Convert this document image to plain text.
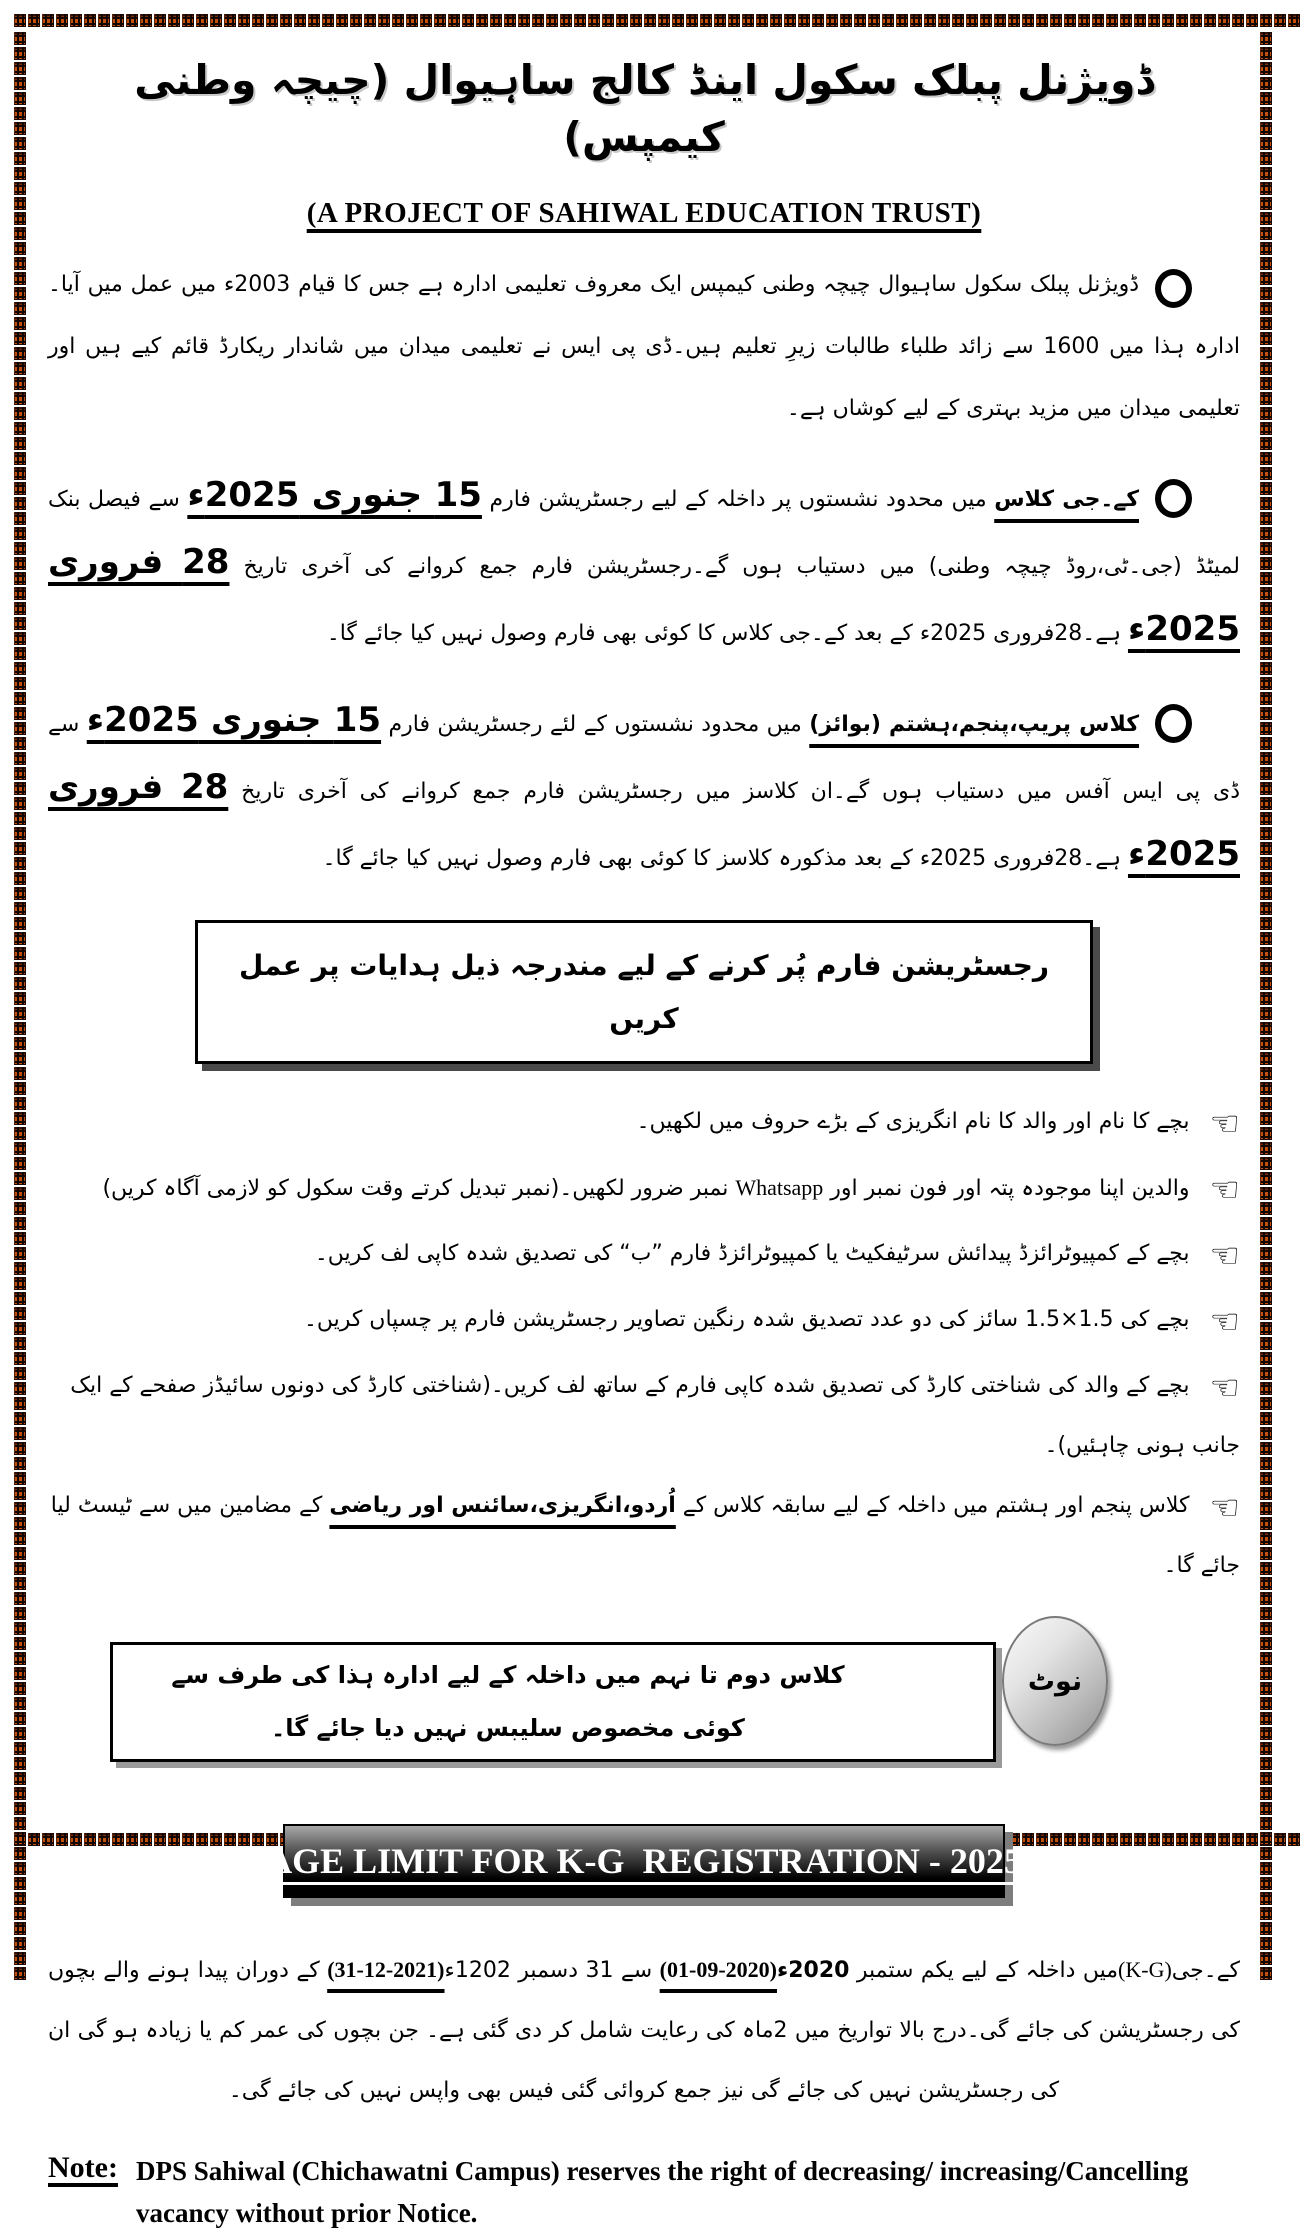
ڈویژنل پبلک سکول اینڈ کالج ساہیوال (چیچہ وطنی کیمپس)
(A PROJECT OF SAHIWAL EDUCATION TRUST)
ڈویژنل پبلک سکول ساہیوال چیچہ وطنی کیمپس ایک معروف تعلیمی ادارہ ہے جس کا قیام 2003ء میں عمل میں آیا۔ادارہ ہذا میں 1600 سے زائد طلباء طالبات زیرِ تعلیم ہیں۔ڈی پی ایس نے تعلیمی میدان میں شاندار ریکارڈ قائم کیے ہیں اور تعلیمی میدان میں مزید بہتری کے لیے کوشاں ہے۔
کے۔جی کلاس میں محدود نشستوں پر داخلہ کے لیے رجسٹریشن فارم 15 جنوری 2025ء سے فیصل بنک لمیٹڈ (جی۔ٹی،روڈ چیچہ وطنی) میں دستیاب ہوں گے۔رجسٹریشن فارم جمع کروانے کی آخری تاریخ 28 فروری 2025ء ہے۔28فروری 2025ء کے بعد کے۔جی کلاس کا کوئی بھی فارم وصول نہیں کیا جائے گا۔
کلاس پریپ،پنجم،ہشتم (بوائز) میں محدود نشستوں کے لئے رجسٹریشن فارم 15 جنوری 2025ء سے ڈی پی ایس آفس میں دستیاب ہوں گے۔ان کلاسز میں رجسٹریشن فارم جمع کروانے کی آخری تاریخ 28 فروری 2025ء ہے۔28فروری 2025ء کے بعد مذکورہ کلاسز کا کوئی بھی فارم وصول نہیں کیا جائے گا۔
رجسٹریشن فارم پُر کرنے کے لیے مندرجہ ذیل ہدایات پر عمل کریں
☜
بچے کا نام اور والد کا نام انگریزی کے بڑے حروف میں لکھیں۔
☜
والدین اپنا موجودہ پتہ اور فون نمبر اور Whatsapp نمبر ضرور لکھیں۔(نمبر تبدیل کرتے وقت سکول کو لازمی آگاہ کریں)
☜
بچے کے کمپیوٹرائزڈ پیدائش سرٹیفکیٹ یا کمپیوٹرائزڈ فارم ”ب“ کی تصدیق شدہ کاپی لف کریں۔
☜
بچے کی 1.5×1.5 سائز کی دو عدد تصدیق شدہ رنگین تصاویر رجسٹریشن فارم پر چسپاں کریں۔
☜
بچے کے والد کی شناختی کارڈ کی تصدیق شدہ کاپی فارم کے ساتھ لف کریں۔(شناختی کارڈ کی دونوں سائیڈز صفحے کے ایک جانب ہونی چاہئیں)۔
☜
کلاس پنجم اور ہشتم میں داخلہ کے لیے سابقہ کلاس کے اُردو،انگریزی،سائنس اور ریاضی کے مضامین میں سے ٹیسٹ لیا جائے گا۔
کلاس دوم تا نہم میں داخلہ کے لیے ادارہ ہذا کی طرف سے کوئی مخصوص سلیبس نہیں دیا جائے گا۔
نوٹ
AGE LIMIT FOR K-G  REGISTRATION - 2025
کے۔جی(K-G)میں داخلہ کے لیے یکم ستمبر 2020ء(01-09-2020) سے 31 دسمبر 1202ء(31-12-2021) کے دوران پیدا ہونے والے بچوں کی رجسٹریشن کی جائے گی۔درج بالا تواریخ میں 2ماہ کی رعایت شامل کر دی گئی ہے۔ جن بچوں کی عمر کم یا زیادہ ہو گی ان کی رجسٹریشن نہیں کی جائے گی نیز جمع کروائی گئی فیس بھی واپس نہیں کی جائے گی۔
Note: DPS Sahiwal (Chichawatni Campus) reserves the right of decreasing/ increasing/Cancelling
vacancy without prior Notice.
